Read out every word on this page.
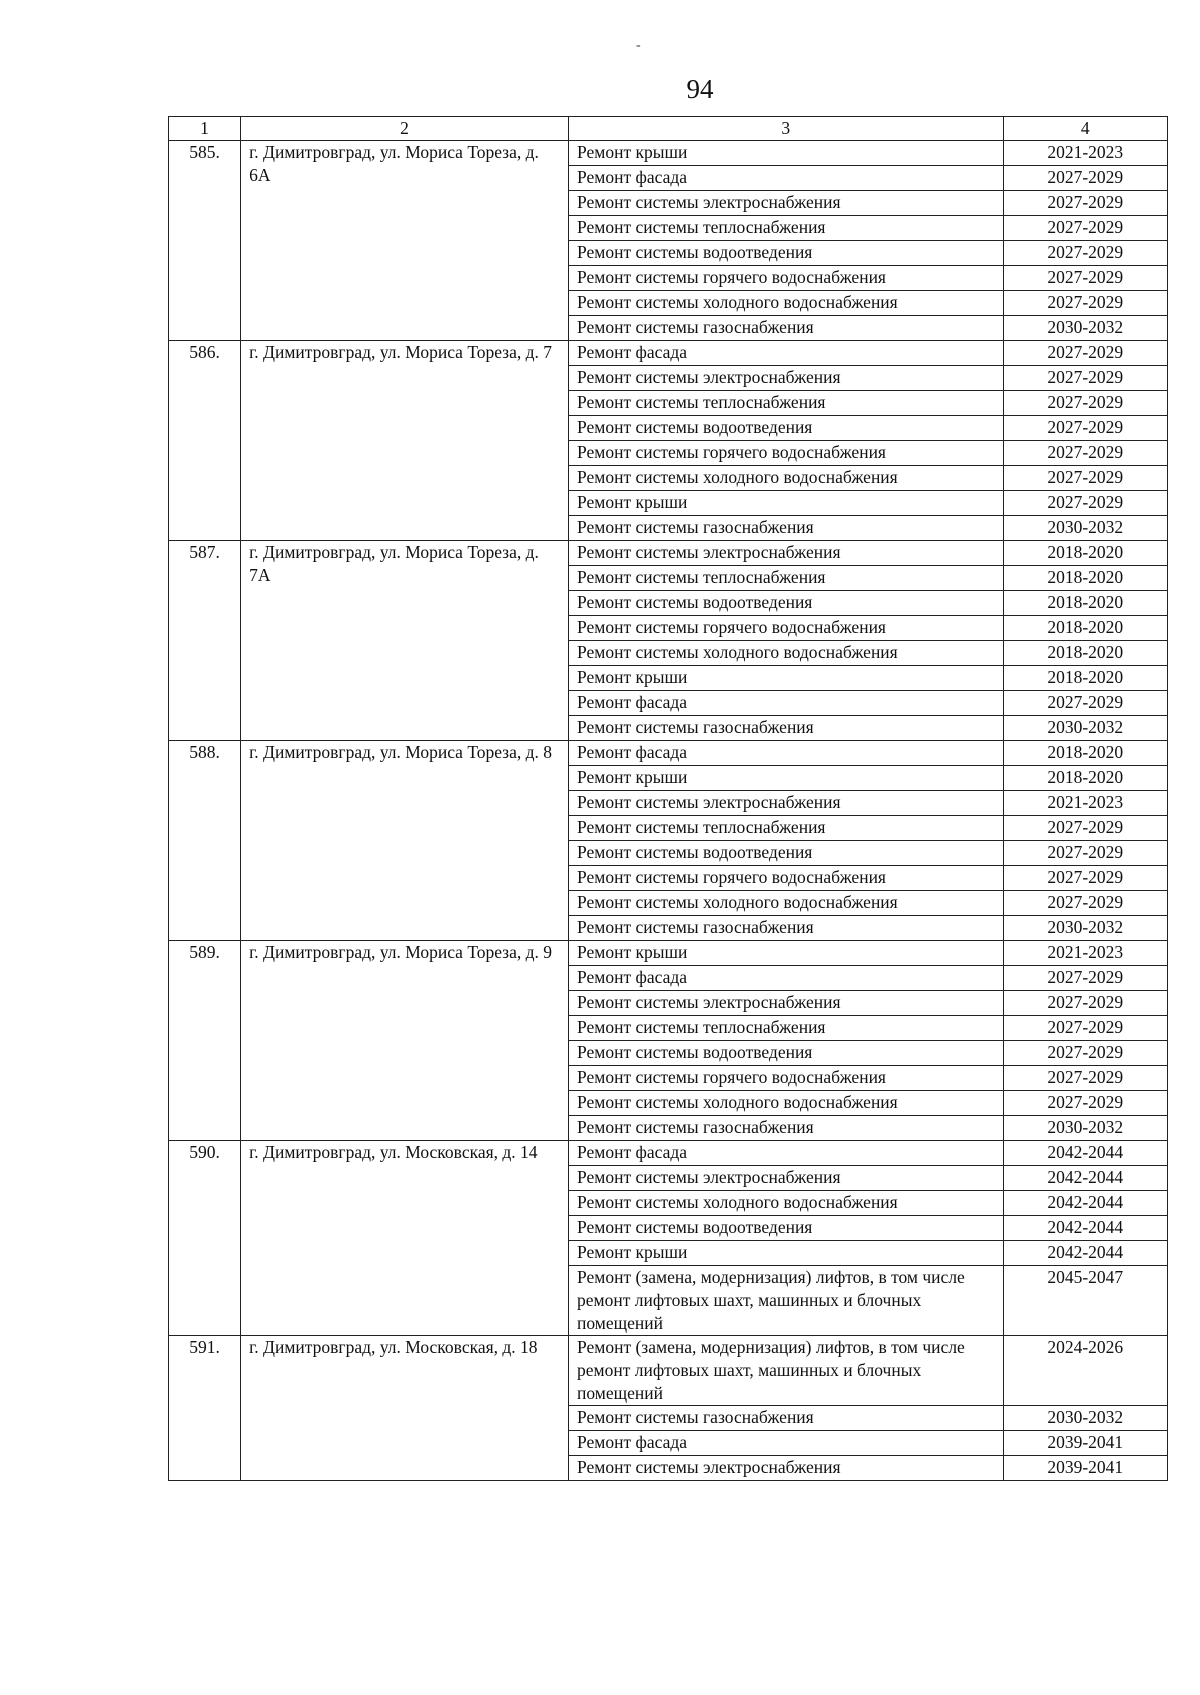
94
1	2	3	4
585.	г. Димитровград, ул. Мориса Тореза, д. 6А	Ремонт крыши	2021-2023
		Ремонт фасада	2027-2029
		Ремонт системы электроснабжения	2027-2029
		Ремонт системы теплоснабжения	2027-2029
		Ремонт системы водоотведения	2027-2029
		Ремонт системы горячего водоснабжения	2027-2029
		Ремонт системы холодного водоснабжения	2027-2029
		Ремонт системы газоснабжения	2030-2032
586.	г. Димитровград, ул. Мориса Тореза, д. 7	Ремонт фасада	2027-2029
		Ремонт системы электроснабжения	2027-2029
		Ремонт системы теплоснабжения	2027-2029
		Ремонт системы водоотведения	2027-2029
		Ремонт системы горячего водоснабжения	2027-2029
		Ремонт системы холодного водоснабжения	2027-2029
		Ремонт крыши	2027-2029
		Ремонт системы газоснабжения	2030-2032
587.	г. Димитровград, ул. Мориса Тореза, д. 7А	Ремонт системы электроснабжения	2018-2020
		Ремонт системы теплоснабжения	2018-2020
		Ремонт системы водоотведения	2018-2020
		Ремонт системы горячего водоснабжения	2018-2020
		Ремонт системы холодного водоснабжения	2018-2020
		Ремонт крыши	2018-2020
		Ремонт фасада	2027-2029
		Ремонт системы газоснабжения	2030-2032
588.	г. Димитровград, ул. Мориса Тореза, д. 8	Ремонт фасада	2018-2020
		Ремонт крыши	2018-2020
		Ремонт системы электроснабжения	2021-2023
		Ремонт системы теплоснабжения	2027-2029
		Ремонт системы водоотведения	2027-2029
		Ремонт системы горячего водоснабжения	2027-2029
		Ремонт системы холодного водоснабжения	2027-2029
		Ремонт системы газоснабжения	2030-2032
589.	г. Димитровград, ул. Мориса Тореза, д. 9	Ремонт крыши	2021-2023
		Ремонт фасада	2027-2029
		Ремонт системы электроснабжения	2027-2029
		Ремонт системы теплоснабжения	2027-2029
		Ремонт системы водоотведения	2027-2029
		Ремонт системы горячего водоснабжения	2027-2029
		Ремонт системы холодного водоснабжения	2027-2029
		Ремонт системы газоснабжения	2030-2032
590.	г. Димитровград, ул. Московская, д. 14	Ремонт фасада	2042-2044
		Ремонт системы электроснабжения	2042-2044
		Ремонт системы холодного водоснабжения	2042-2044
		Ремонт системы водоотведения	2042-2044
		Ремонт крыши	2042-2044
		Ремонт (замена, модернизация) лифтов, в том числе ремонт лифтовых шахт, машинных и блочных помещений	2045-2047
591.	г. Димитровград, ул. Московская, д. 18	Ремонт (замена, модернизация) лифтов, в том числе ремонт лифтовых шахт, машинных и блочных помещений	2024-2026
		Ремонт системы газоснабжения	2030-2032
		Ремонт фасада	2039-2041
		Ремонт системы электроснабжения	2039-2041
-
